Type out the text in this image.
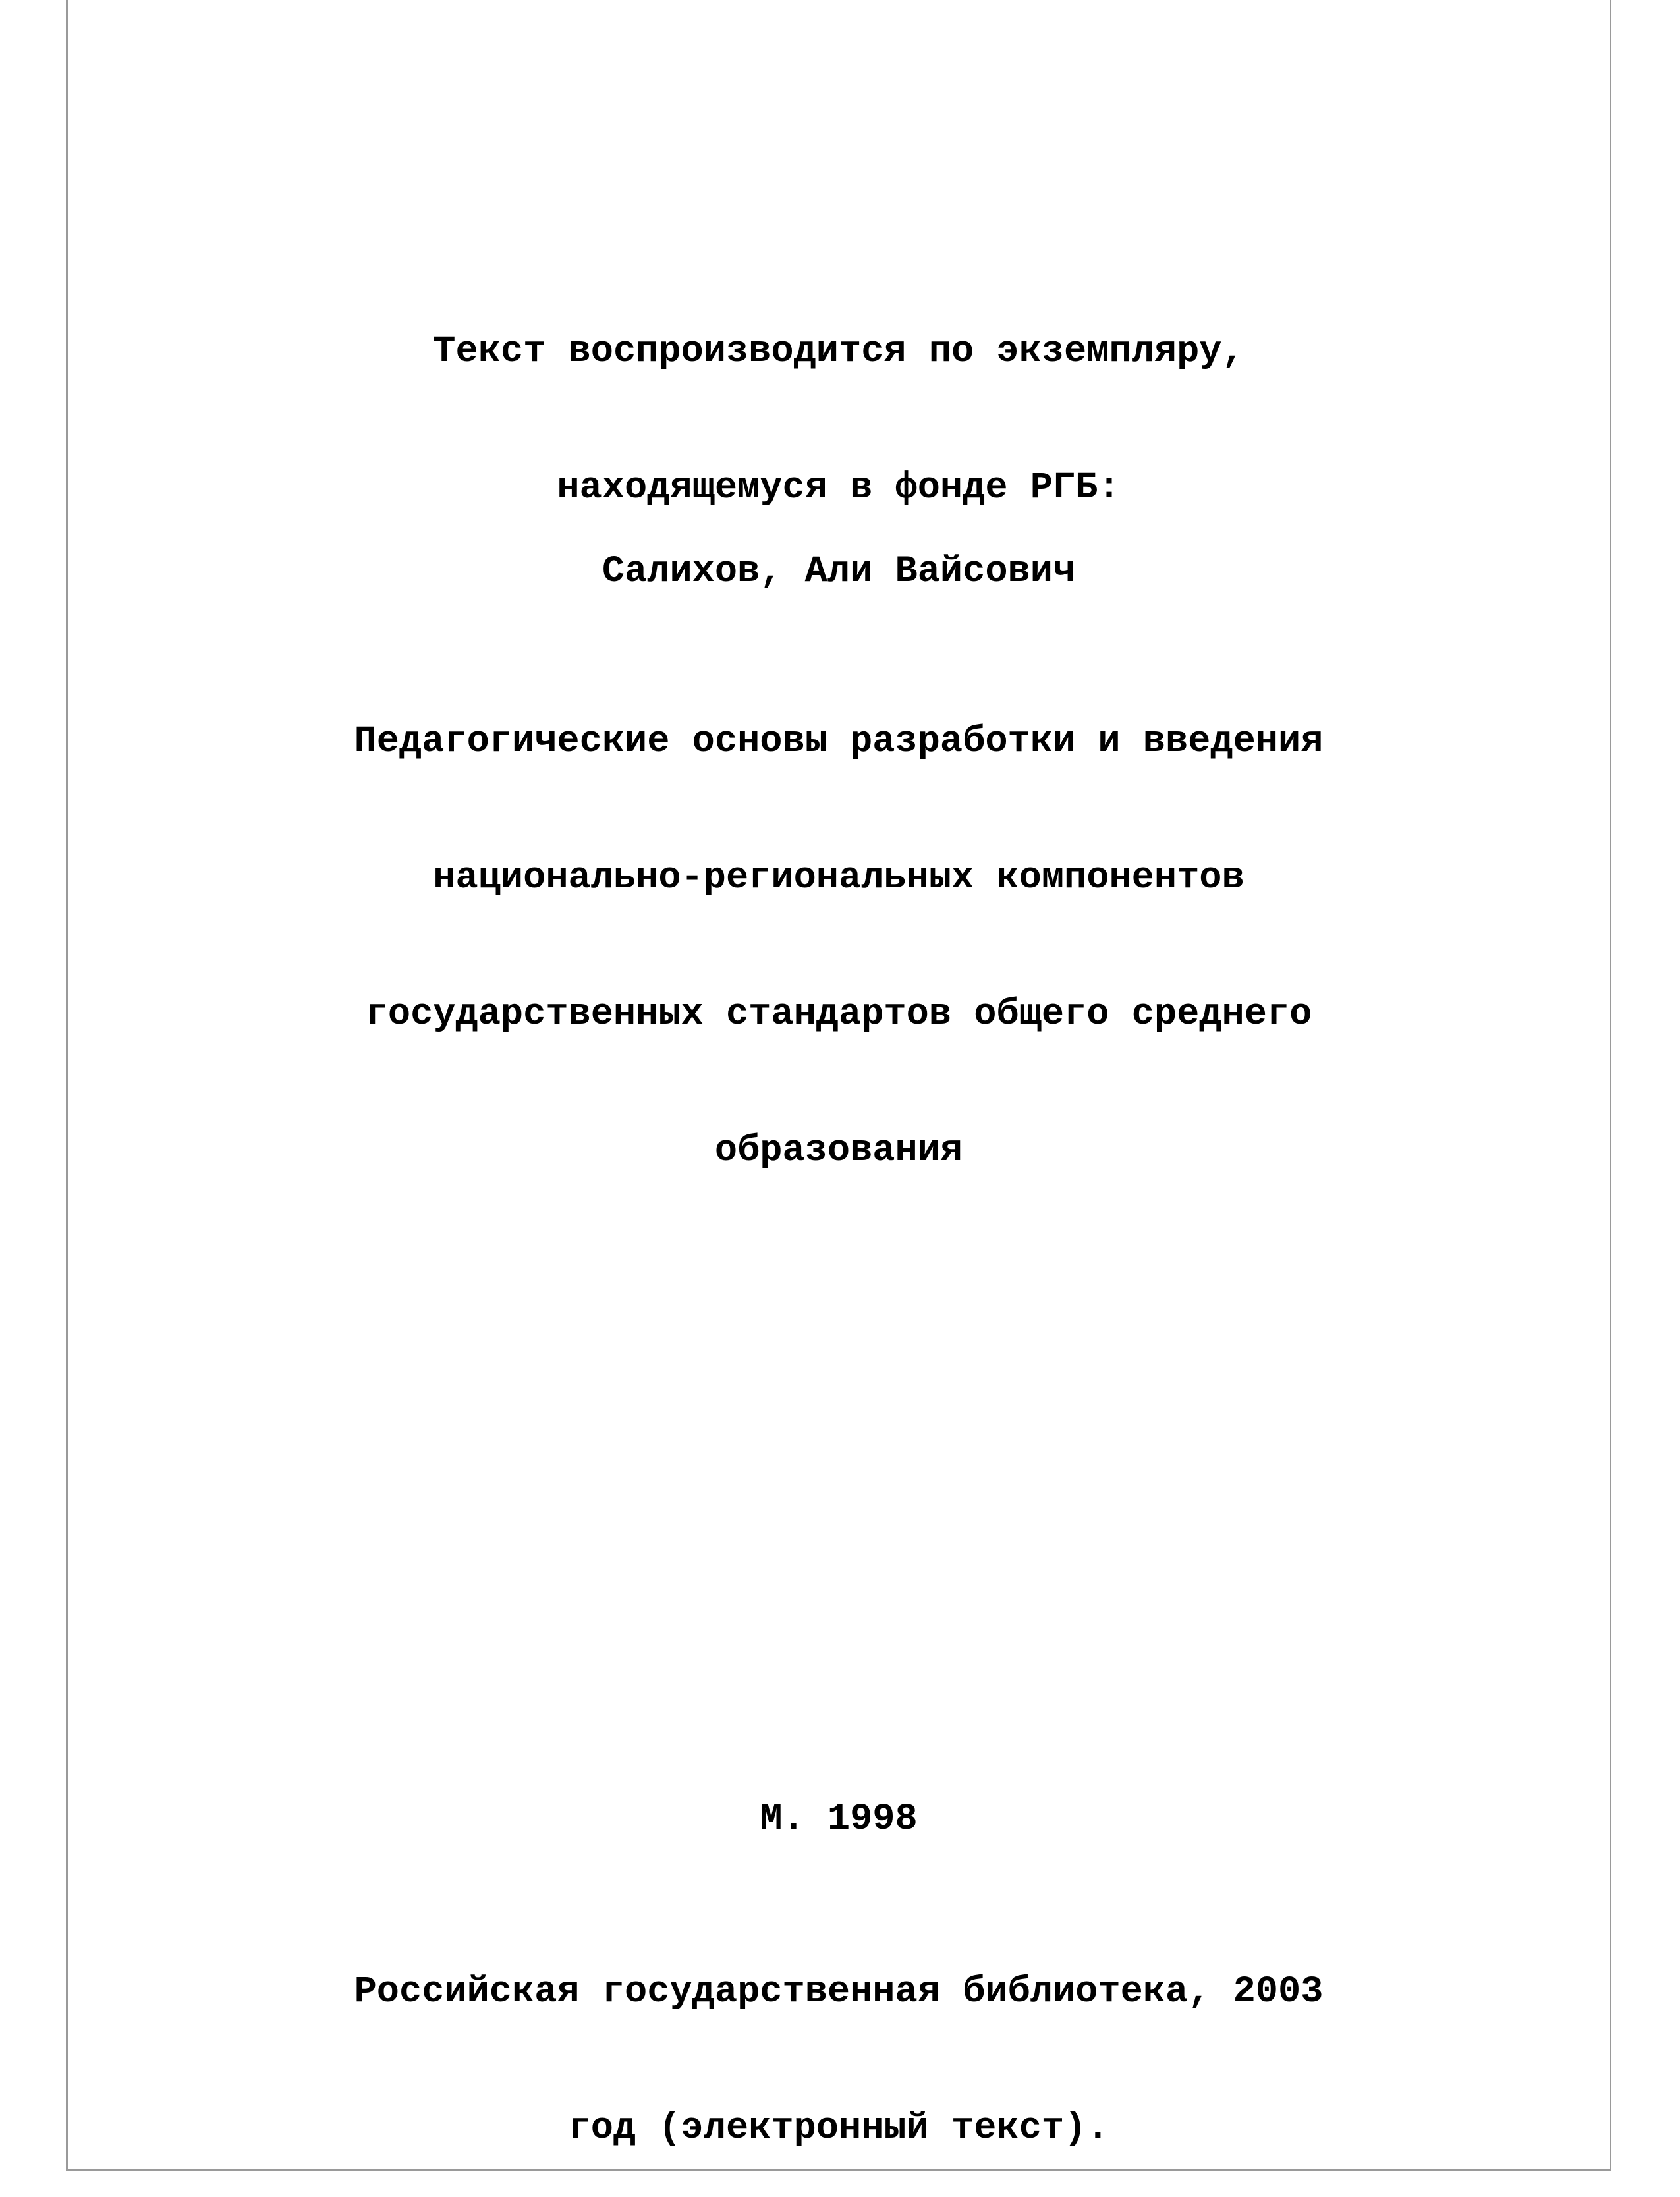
Текст воспроизводится по экземпляру,

находящемуся в фонде РГБ:

Салихов, Али Вайсович

Педагогические основы разработки и введения

национально-региональных компонентов

государственных стандартов общего среднего

образования

М. 1998

Российская государственная библиотека, 2003

год (электронный текст).
